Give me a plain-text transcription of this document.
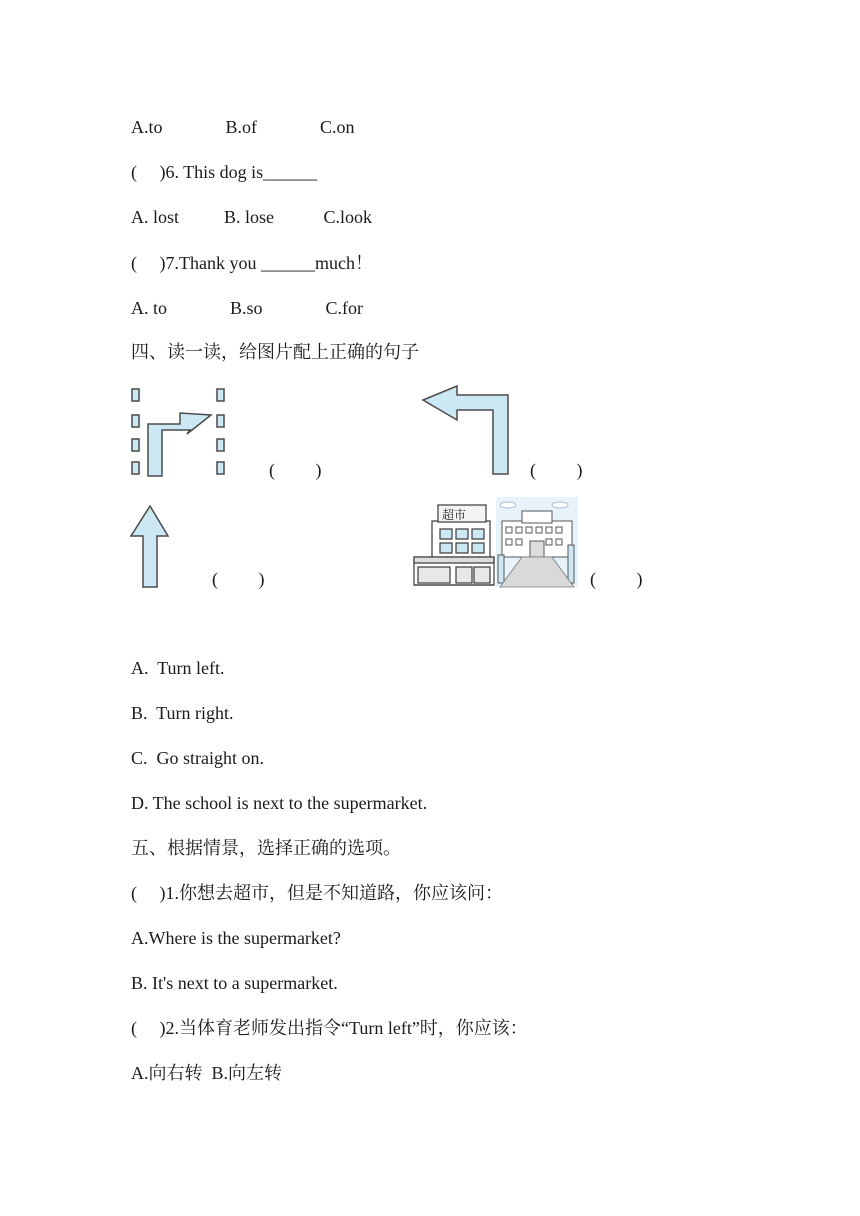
A.to              B.of              C.on
(     )6. This dog is______
A. lost          B. lose           C.look
(     )7.Thank you ______much！
A. to              B.so              C.for
四、读一读，给图片配上正确的句子
(         )	(         )
(         )
超市
(         )
A.  Turn left.
B.  Turn right.
C.  Go straight on.
D. The school is next to the supermarket.
五、根据情景，选择正确的选项。
(     )1.你想去超市，但是不知道路，你应该问：
A.Where is the supermarket?
B. It's next to a supermarket.
(     )2.当体育老师发出指令“Turn left”时，你应该：
A.向右转  B.向左转
